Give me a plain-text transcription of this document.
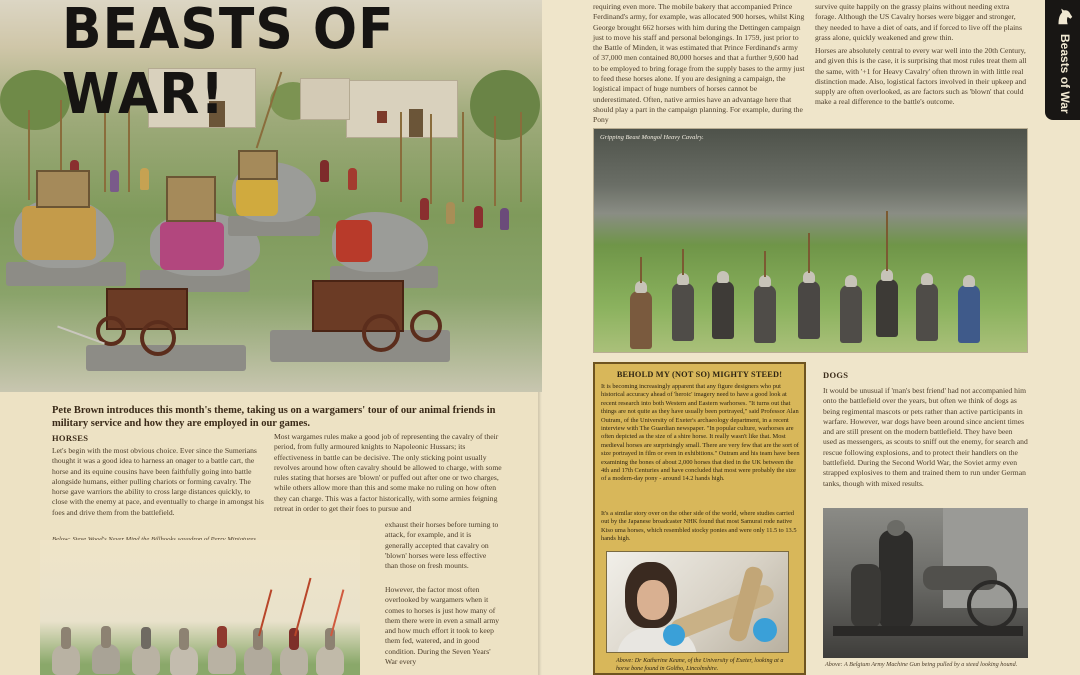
BEASTS OF WAR!
Pete Brown introduces this month's theme, taking us on a wargamers' tour of our animal friends in military service and how they are employed in our games.
HORSES
Let's begin with the most obvious choice. Ever since the Sumerians thought it was a good idea to harness an onager to a battle cart, the horse and its equine cousins have been faithfully going into battle alongside humans, either pulling chariots or forming cavalry. The horse gave warriors the ability to cross large distances quickly, to close with the enemy at pace, and eventually to charge in amongst his foes and drive them from the battlefield.
Most wargames rules make a good job of representing the cavalry of their period, from fully armoured knights to Napoleonic Hussars; its effectiveness in battle can be decisive. The only sticking point usually revolves around how often cavalry should be allowed to charge, with some rules stating that horses are 'blown' or puffed out after one or two charges, while others allow more than this and some make no ruling on how often they can charge. This was a factor historically, with some armies feigning retreat in order to get their foes to pursue and
exhaust their horses before turning to attack, for example, and it is generally accepted that cavalry on 'blown' horses were less effective than those on fresh mounts.
However, the factor most often overlooked by wargamers when it comes to horses is just how many of them there were in even a small army and how much effort it took to keep them fed, watered, and in good condition. During the Seven Years' War every
requiring even more. The mobile bakery that accompanied Prince Ferdinand's army, for example, was allocated 900 horses, whilst King George brought 662 horses with him during the Dettingen campaign just to move his staff and personal belongings. In 1759, just prior to the Battle of Minden, it was estimated that Prince Ferdinand's army of 37,000 men contained 80,000 horses and that a further 9,600 had to be employed to bring forage from the supply bases to the army just to feed these horses alone. If you are designing a campaign, the logistical impact of huge numbers of horses cannot be underestimated. Often, native armies have an advantage here that should play a part in the campaign planning. For example, during the Pony
survive quite happily on the grassy plains without needing extra forage. Although the US Cavalry horses were bigger and stronger, they needed to have a diet of oats, and if forced to live off the plains grass alone, quickly weakened and grew thin.
Horses are absolutely central to every war well into the 20th Century, and given this is the case, it is surprising that most rules treat them all the same, with '+1 for Heavy Cavalry' often thrown in with little real distinction made. Also, logistical factors involved in their upkeep and supply are often overlooked, as are factors such as 'blown' that could make a real difference to the battle's outcome.
Gripping Beast Mongol Heavy Cavalry.
BEHOLD MY (NOT SO) MIGHTY STEED!
It is becoming increasingly apparent that any figure designers who put historical accuracy ahead of 'heroic' imagery need to have a good look at recent research into both Western and Eastern warhorses. "It turns out that things are not quite as they have usually been portrayed," said Professor Alan Outram, of the University of Exeter's archaeology department, in a recent interview with The Guardian newspaper. "In popular culture, warhorses are often depicted as the size of a shire horse. It really wasn't like that. Most medieval horses are surprisingly small. There are very few that are the sort of size portrayed in film or even in exhibitions." Outram and his team have been examining the bones of about 2,000 horses that died in the UK between the 4th and 17th Centuries and have concluded that most were probably the size of a modern-day pony - around 14.2 hands high.
It's a similar story over on the other side of the world, where studies carried out by the Japanese broadcaster NHK found that most Samurai rode native Kiso uma horses, which resembled stocky ponies and were only 11.5 to 13.5 hands high.
Above: Dr Katherine Keane, of the University of Exeter, looking at a horse bone found in Goltho, Lincolnshire.
DOGS
It would be unusual if 'man's best friend' had not accompanied him onto the battlefield over the years, but often we think of dogs as being regimental mascots or pets rather than active participants in warfare. However, war dogs have been around since ancient times and are still present on the modern battlefield. They have been used as messengers, as scouts to sniff out the enemy, for search and rescue following explosions, and to protect their handlers on the battlefield. During the Second World War, the Soviet army even strapped explosives to them and trained them to run under German tanks, though with mixed results.
Above: A Belgium Army Machine Gun being pulled by a steed looking hound.
Beasts of War
